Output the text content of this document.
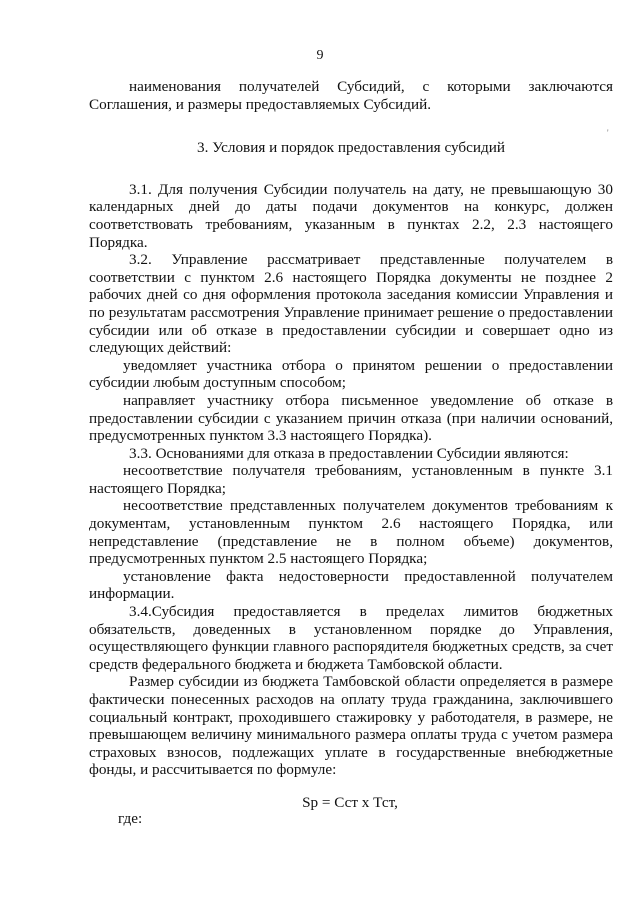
9
'

наименования получателей Субсидий, с которыми заключаются Соглашения, и размеры предоставляемых Субсидий.

3. Условия и порядок предоставления субсидий

3.1. Для получения Субсидии получатель на дату, не превышающую 30 календарных дней до даты подачи документов на конкурс, должен соответствовать требованиям, указанным в пунктах 2.2, 2.3 настоящего Порядка.

3.2. Управление рассматривает представленные получателем в соответствии с пунктом 2.6 настоящего Порядка документы не позднее 2 рабочих дней со дня оформления протокола заседания комиссии Управления и по результатам рассмотрения Управление принимает решение о предоставлении субсидии или об отказе в предоставлении субсидии и совершает одно из следующих действий:

уведомляет участника отбора о принятом решении о предоставлении субсидии любым доступным способом;

направляет участнику отбора письменное уведомление об отказе в предоставлении субсидии с указанием причин отказа (при наличии оснований, предусмотренных пунктом 3.3 настоящего Порядка).

3.3. Основаниями для отказа в предоставлении Субсидии являются:

несоответствие получателя требованиям, установленным в пункте 3.1 настоящего Порядка;

несоответствие представленных получателем документов требованиям к документам, установленным пунктом 2.6 настоящего Порядка, или непредставление (представление не в полном объеме) документов, предусмотренных пунктом 2.5 настоящего Порядка;

установление факта недостоверности предоставленной получателем информации.

3.4.Субсидия предоставляется в пределах лимитов бюджетных обязательств, доведенных в установленном порядке до Управления, осуществляющего функции главного распорядителя бюджетных средств, за счет средств федерального бюджета и бюджета Тамбовской области.

Размер субсидии из бюджета Тамбовской области определяется в размере фактически понесенных расходов на оплату труда гражданина, заключившего социальный контракт, проходившего стажировку у работодателя, в размере, не превышающем величину минимального размера оплаты труда с учетом размера страховых взносов, подлежащих уплате в государственные внебюджетные фонды, и рассчитывается по формуле:

Sр = Сст х Тст,
где:
